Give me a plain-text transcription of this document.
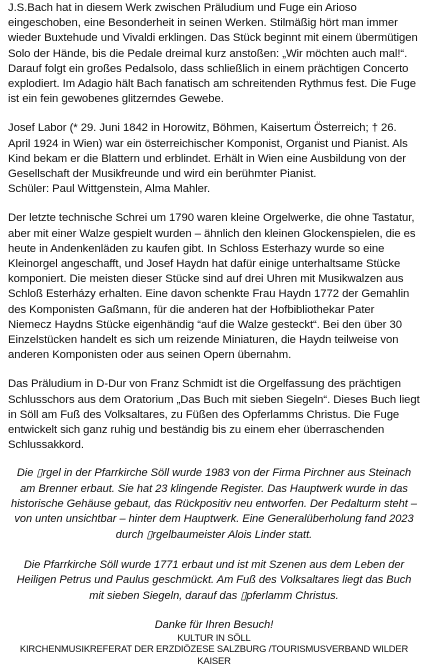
J.S.Bach hat in diesem Werk zwischen Präludium und Fuge ein Arioso eingeschoben, eine Besonderheit in seinen Werken. Stilmäßig hört man immer wieder Buxtehude und Vivaldi erklingen. Das Stück beginnt mit einem übermütigen Solo der Hände, bis die Pedale dreimal kurz anstoßen: „Wir möchten auch mal!“. Darauf folgt ein großes Pedalsolo, dass schließlich in einem prächtigen Concerto explodiert. Im Adagio hält Bach fanatisch am schreitenden Rythmus fest. Die Fuge ist ein fein gewobenes glitzerndes Gewebe.

Josef Labor (* 29. Juni 1842 in Horowitz, Böhmen, Kaisertum Österreich; † 26. April 1924 in Wien) war ein österreichischer Komponist, Organist und Pianist. Als Kind bekam er die Blattern und erblindet. Erhält in Wien eine Ausbildung von der Gesellschaft der Musikfreunde und wird ein berühmter Pianist.
Schüler: Paul Wittgenstein, Alma Mahler.

Der letzte technische Schrei um 1790 waren kleine Orgelwerke, die ohne Tastatur, aber mit einer Walze gespielt wurden – ähnlich den kleinen Glockenspielen, die es heute in Andenkenläden zu kaufen gibt. In Schloss Esterhazy wurde so eine Kleinorgel angeschafft, und Josef Haydn hat dafür einige unterhaltsame Stücke komponiert. Die meisten dieser Stücke sind auf drei Uhren mit Musikwalzen aus Schloß Esterházy erhalten. Eine davon schenkte Frau Haydn 1772 der Gemahlin des Komponisten Gaßmann, für die anderen hat der Hofbibliothekar Pater Niemecz Haydns Stücke eigenhändig “auf die Walze gesteckt“. Bei den über 30 Einzelstücken handelt es sich um reizende Miniaturen, die Haydn teilweise von anderen Komponisten oder aus seinen Opern übernahm.

Das Präludium in D-Dur von Franz Schmidt ist die Orgelfassung des prächtigen Schlusschors aus dem Oratorium „Das Buch mit sieben Siegeln“. Dieses Buch liegt in Söll am Fuß des Volksaltares, zu Füßen des Opferlamms Christus. Die Fuge entwickelt sich ganz ruhig und beständig bis zu einem eher überraschenden Schlussakkord.

Die ▯rgel in der Pfarrkirche Söll wurde 1983 von der Firma Pirchner aus Steinach am Brenner erbaut. Sie hat 23 klingende Register. Das Hauptwerk wurde in das historische Gehäuse gebaut, das Rückpositiv neu entworfen. Der Pedalturm steht – von unten unsichtbar – hinter dem Hauptwerk. Eine Generalüberholung fand 2023 durch ▯rgelbaumeister Alois Linder statt.

Die Pfarrkirche Söll wurde 1771 erbaut und ist mit Szenen aus dem Leben der Heiligen Petrus und Paulus geschmückt. Am Fuß des Volksaltares liegt das Buch mit sieben Siegeln, darauf das ▯pferlamm Christus.

Danke für Ihren Besuch!

KULTUR IN SÖLL

KIRCHENMUSIKREFERAT DER ERZDIÖZESE SALZBURG /TOURISMUSVERBAND WILDER KAISER
